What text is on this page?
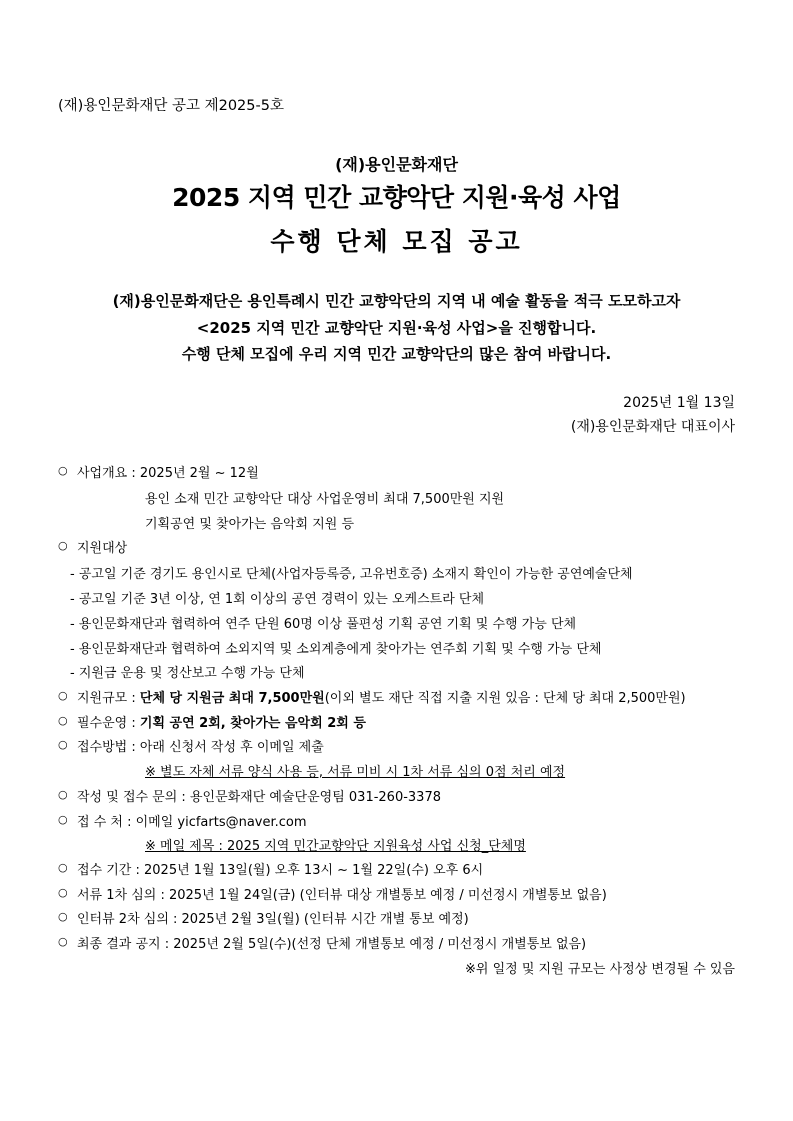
(재)용인문화재단 공고 제2025-5호
(재)용인문화재단
2025 지역 민간 교향악단 지원·육성 사업
수행 단체 모집 공고
(재)용인문화재단은 용인특례시 민간 교향악단의 지역 내 예술 활동을 적극 도모하고자
<2025 지역 민간 교향악단 지원·육성 사업>을 진행합니다.
수행 단체 모집에 우리 지역 민간 교향악단의 많은 참여 바랍니다.
2025년 1월 13일
(재)용인문화재단 대표이사
○ 사업개요 : 2025년 2월 ~ 12월
용인 소재 민간 교향악단 대상 사업운영비 최대 7,500만원 지원
기획공연 및 찾아가는 음악회 지원 등
○ 지원대상
- 공고일 기준 경기도 용인시로 단체(사업자등록증, 고유번호증) 소재지 확인이 가능한 공연예술단체
- 공고일 기준 3년 이상, 연 1회 이상의 공연 경력이 있는 오케스트라 단체
- 용인문화재단과 협력하여 연주 단원 60명 이상 풀편성 기획 공연 기획 및 수행 가능 단체
- 용인문화재단과 협력하여 소외지역 및 소외계층에게 찾아가는 연주회 기획 및 수행 가능 단체
- 지원금 운용 및 정산보고 수행 가능 단체
○ 지원규모 : 단체 당 지원금 최대 7,500만원(이외 별도 재단 직접 지출 지원 있음 : 단체 당 최대 2,500만원)
○ 필수운영 : 기획 공연 2회, 찾아가는 음악회 2회 등
○ 접수방법 : 아래 신청서 작성 후 이메일 제출
※ 별도 자체 서류 양식 사용 등, 서류 미비 시 1차 서류 심의 0점 처리 예정
○ 작성 및 접수 문의 : 용인문화재단 예술단운영팀 031-260-3378
○ 접 수 처 : 이메일 yicfarts@naver.com
※ 메일 제목 : 2025 지역 민간교향악단 지원육성 사업 신청_단체명
○ 접수 기간 : 2025년 1월 13일(월) 오후 13시 ~ 1월 22일(수) 오후 6시
○ 서류 1차 심의 : 2025년 1월 24일(금) (인터뷰 대상 개별통보 예정 / 미선정시 개별통보 없음)
○ 인터뷰 2차 심의 : 2025년 2월 3일(월) (인터뷰 시간 개별 통보 예정)
○ 최종 결과 공지 : 2025년 2월 5일(수)(선정 단체 개별통보 예정 / 미선정시 개별통보 없음)
※위 일정 및 지원 규모는 사정상 변경될 수 있음
